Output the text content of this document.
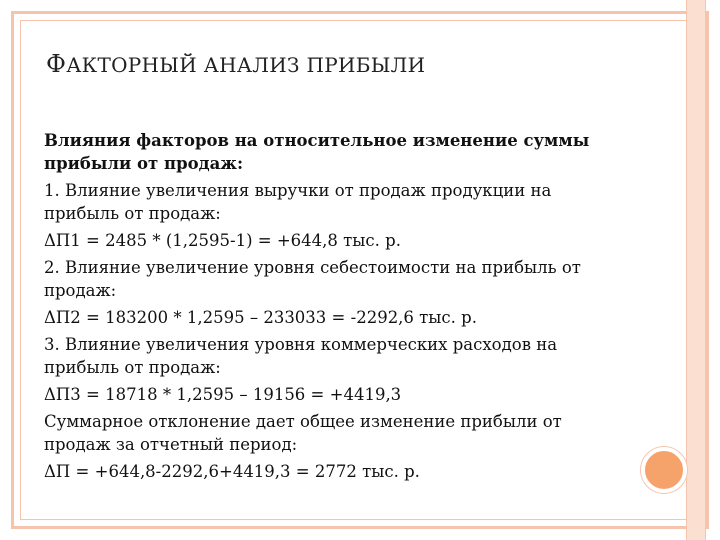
ФАКТОРНЫЙ АНАЛИЗ ПРИБЫЛИ

Влияния факторов на относительное изменение суммы прибыли от продаж:

1. Влияние увеличения выручки от продаж продукции на прибыль от продаж:

ΔП1 = 2485 * (1,2595-1) = +644,8 тыс. р.

2. Влияние увеличение уровня себестоимости на прибыль от продаж:

ΔП2 = 183200 * 1,2595 – 233033 = -2292,6 тыс. р.

3. Влияние увеличения уровня коммерческих расходов на прибыль от продаж:

ΔП3 = 18718 * 1,2595 – 19156 = +4419,3

Суммарное отклонение дает общее изменение прибыли от продаж за отчетный период:

ΔП = +644,8-2292,6+4419,3 = 2772 тыс. р.
